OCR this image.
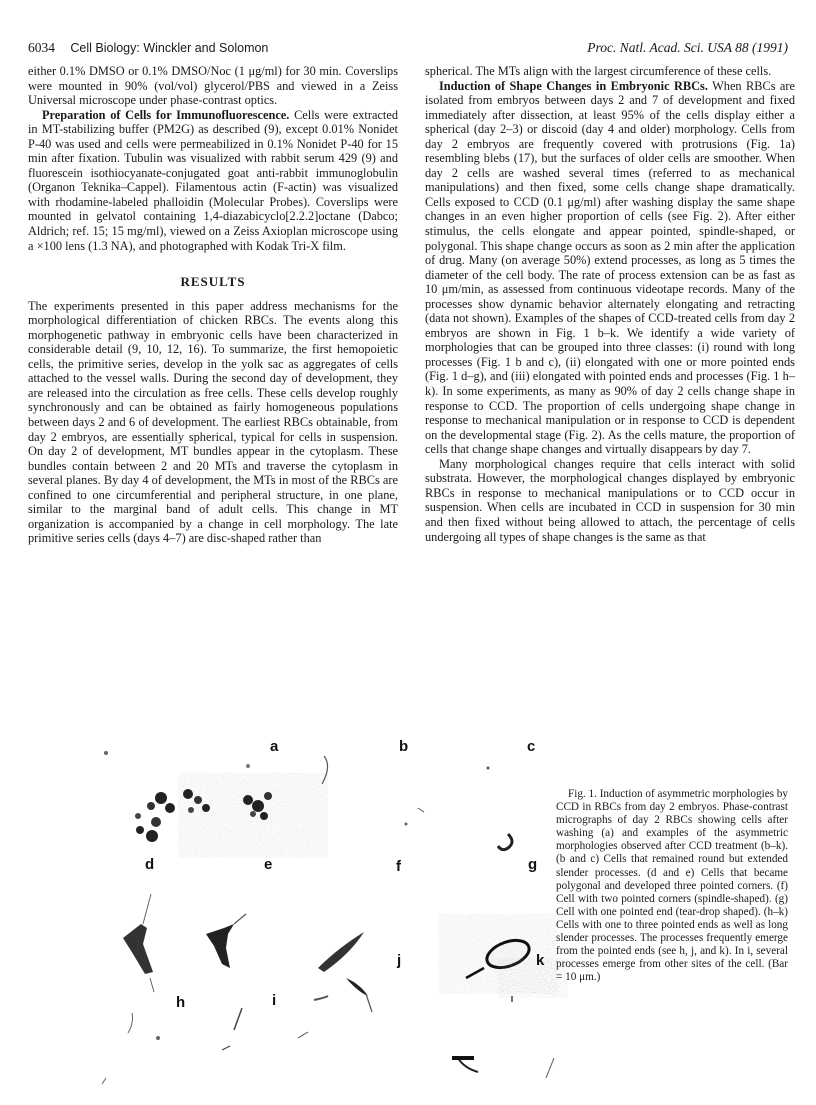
6034 Cell Biology: Winckler and Solomon	Proc. Natl. Acad. Sci. USA 88 (1991)

either 0.1% DMSO or 0.1% DMSO/Noc (1 μg/ml) for 30 min. Coverslips were mounted in 90% (vol/vol) glycerol/PBS and viewed in a Zeiss Universal microscope under phase-contrast optics.

Preparation of Cells for Immunofluorescence. Cells were extracted in MT-stabilizing buffer (PM2G) as described (9), except 0.01% Nonidet P-40 was used and cells were permeabilized in 0.1% Nonidet P-40 for 15 min after fixation. Tubulin was visualized with rabbit serum 429 (9) and fluorescein isothiocyanate-conjugated goat anti-rabbit immunoglobulin (Organon Teknika–Cappel). Filamentous actin (F-actin) was visualized with rhodamine-labeled phalloidin (Molecular Probes). Coverslips were mounted in gelvatol containing 1,4-diazabicyclo[2.2.2]octane (Dabco; Aldrich; ref. 15; 15 mg/ml), viewed on a Zeiss Axioplan microscope using a ×100 lens (1.3 NA), and photographed with Kodak Tri-X film.

RESULTS

The experiments presented in this paper address mechanisms for the morphological differentiation of chicken RBCs. The events along this morphogenetic pathway in embryonic cells have been characterized in considerable detail (9, 10, 12, 16). To summarize, the first hemopoietic cells, the primitive series, develop in the yolk sac as aggregates of cells attached to the vessel walls. During the second day of development, they are released into the circulation as free cells. These cells develop roughly synchronously and can be obtained as fairly homogeneous populations between days 2 and 6 of development. The earliest RBCs obtainable, from day 2 embryos, are essentially spherical, typical for cells in suspension. On day 2 of development, MT bundles appear in the cytoplasm. These bundles contain between 2 and 20 MTs and traverse the cytoplasm in several planes. By day 4 of development, the MTs in most of the RBCs are confined to one circumferential and peripheral structure, in one plane, similar to the marginal band of adult cells. This change in MT organization is accompanied by a change in cell morphology. The late primitive series cells (days 4–7) are disc-shaped rather than

spherical. The MTs align with the largest circumference of these cells.

Induction of Shape Changes in Embryonic RBCs. When RBCs are isolated from embryos between days 2 and 7 of development and fixed immediately after dissection, at least 95% of the cells display either a spherical (day 2–3) or discoid (day 4 and older) morphology. Cells from day 2 embryos are frequently covered with protrusions (Fig. 1a) resembling blebs (17), but the surfaces of older cells are smoother. When day 2 cells are washed several times (referred to as mechanical manipulations) and then fixed, some cells change shape dramatically. Cells exposed to CCD (0.1 μg/ml) after washing display the same shape changes in an even higher proportion of cells (see Fig. 2). After either stimulus, the cells elongate and appear pointed, spindle-shaped, or polygonal. This shape change occurs as soon as 2 min after the application of drug. Many (on average 50%) extend processes, as long as 5 times the diameter of the cell body. The rate of process extension can be as fast as 10 μm/min, as assessed from continuous videotape records. Many of the processes show dynamic behavior alternately elongating and retracting (data not shown). Examples of the shapes of CCD-treated cells from day 2 embryos are shown in Fig. 1 b–k. We identify a wide variety of morphologies that can be grouped into three classes: (i) round with long processes (Fig. 1 b and c), (ii) elongated with one or more pointed ends (Fig. 1 d–g), and (iii) elongated with pointed ends and processes (Fig. 1 h–k). In some experiments, as many as 90% of day 2 cells change shape in response to CCD. The proportion of cells undergoing shape change in response to mechanical manipulation or in response to CCD is dependent on the developmental stage (Fig. 2). As the cells mature, the proportion of cells that change shape changes and virtually disappears by day 7.

Many morphological changes require that cells interact with solid substrata. However, the morphological changes displayed by embryonic RBCs in response to mechanical manipulations or to CCD occur in suspension. When cells are incubated in CCD in suspension for 30 min and then fixed without being allowed to attach, the percentage of cells undergoing all types of shape changes is the same as that

a	b	c
d	e	f	g
h	i
j	k

Fig. 1. Induction of asymmetric morphologies by CCD in RBCs from day 2 embryos. Phase-contrast micrographs of day 2 RBCs showing cells after washing (a) and examples of the asymmetric morphologies observed after CCD treatment (b–k). (b and c) Cells that remained round but extended slender processes. (d and e) Cells that became polygonal and developed three pointed corners. (f) Cell with two pointed corners (spindle-shaped). (g) Cell with one pointed end (tear-drop shaped). (h–k) Cells with one to three pointed ends as well as long slender processes. The processes frequently emerge from the pointed ends (see h, j, and k). In i, several processes emerge from other sites of the cell. (Bar = 10 μm.)
